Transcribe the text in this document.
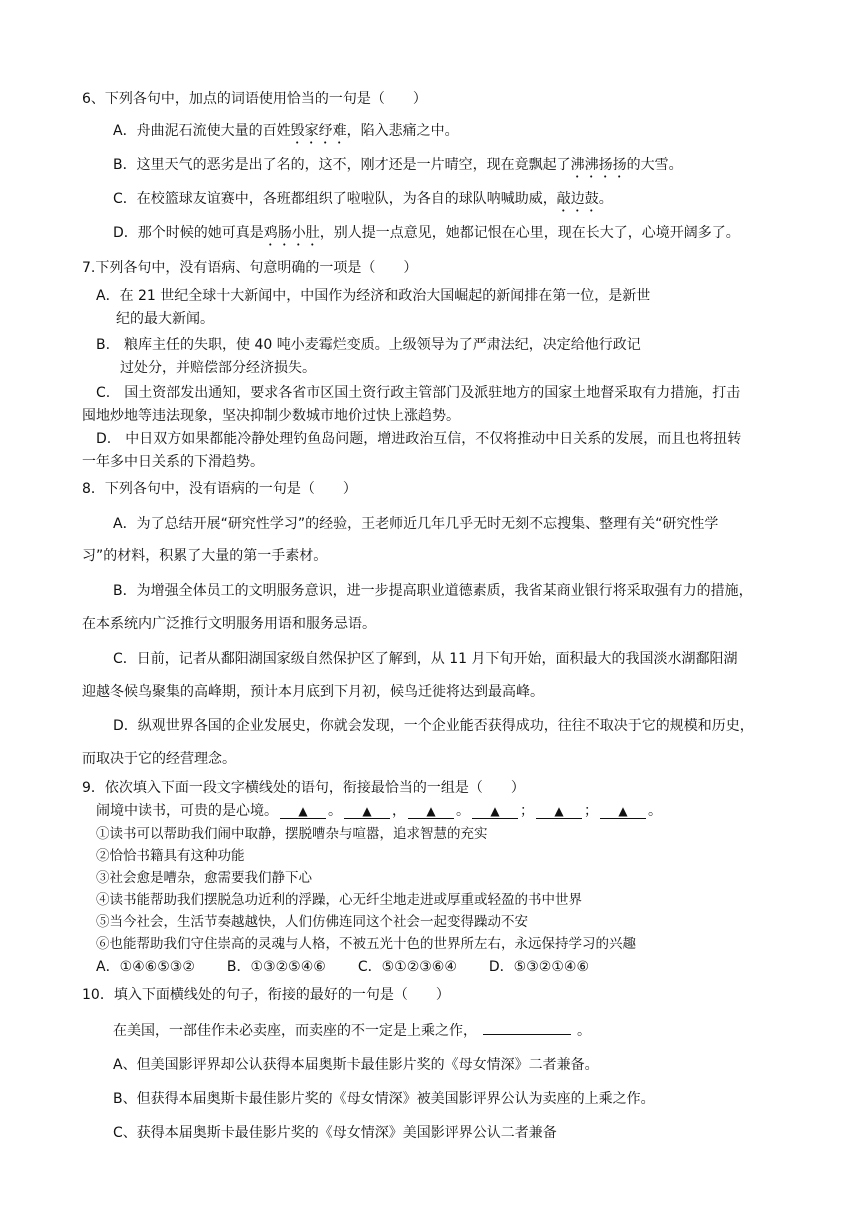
6、下列各句中，加点的词语使用恰当的一句是（　　）
A．舟曲泥石流使大量的百姓毁家纾难，陷入悲痛之中。
B．这里天气的恶劣是出了名的，这不，刚才还是一片晴空，现在竟飘起了沸沸扬扬的大雪。
C．在校篮球友谊赛中，各班都组织了啦啦队，为各自的球队呐喊助威，敲边鼓。
D．那个时候的她可真是鸡肠小肚，别人提一点意见，她都记恨在心里，现在长大了，心境开阔多了。
7.下列各句中，没有语病、句意明确的一项是（　　）
A．在 21 世纪全球十大新闻中，中国作为经济和政治大国崛起的新闻排在第一位，是新世
纪的最大新闻。
B.　粮库主任的失职，使 40 吨小麦霉烂变质。上级领导为了严肃法纪，决定给他行政记
过处分，并赔偿部分经济损失。
C.　国土资部发出通知，要求各省市区国土资行政主管部门及派驻地方的国家土地督采取有力措施，打击
囤地炒地等违法现象，坚决抑制少数城市地价过快上涨趋势。
D.　中日双方如果都能冷静处理钓鱼岛问题，增进政治互信，不仅将推动中日关系的发展，而且也将扭转
一年多中日关系的下滑趋势。
8．下列各句中，没有语病的一句是（　　）
A．为了总结开展“研究性学习”的经验，王老师近几年几乎无时无刻不忘搜集、整理有关“研究性学
习”的材料，积累了大量的第一手素材。
B．为增强全体员工的文明服务意识，进一步提高职业道德素质，我省某商业银行将采取强有力的措施，
在本系统内广泛推行文明服务用语和服务忌语。
C．日前，记者从鄱阳湖国家级自然保护区了解到，从 11 月下旬开始，面积最大的我国淡水湖鄱阳湖
迎越冬候鸟聚集的高峰期，预计本月底到下月初，候鸟迁徙将达到最高峰。
D．纵观世界各国的企业发展史，你就会发现，一个企业能否获得成功，往往不取决于它的规模和历史，
而取决于它的经营理念。
9．依次填入下面一段文字横线处的语句，衔接最恰当的一组是（　　）
闹境中读书，可贵的是心境。 ▲ 。 ▲ ， ▲ 。 ▲ ； ▲ ； ▲ 。
①读书可以帮助我们闹中取静，摆脱嘈杂与喧嚣，追求智慧的充实
②恰恰书籍具有这种功能
③社会愈是嘈杂，愈需要我们静下心
④读书能帮助我们摆脱急功近利的浮躁，心无纤尘地走进或厚重或轻盈的书中世界
⑤当今社会，生活节奏越越快，人们仿佛连同这个社会一起变得躁动不安
⑥也能帮助我们守住崇高的灵魂与人格，不被五光十色的世界所左右，永远保持学习的兴趣
A．①④⑥⑤③② B．①③②⑤④⑥ C．⑤①②③⑥④ D．⑤③②①④⑥
10．填入下面横线处的句子，衔接的最好的一句是（　　）
在美国，一部佳作未必卖座，而卖座的不一定是上乘之作，	。
A、但美国影评界却公认获得本届奥斯卡最佳影片奖的《母女情深》二者兼备。
B、但获得本届奥斯卡最佳影片奖的《母女情深》被美国影评界公认为卖座的上乘之作。
C、获得本届奥斯卡最佳影片奖的《母女情深》美国影评界公认二者兼备
